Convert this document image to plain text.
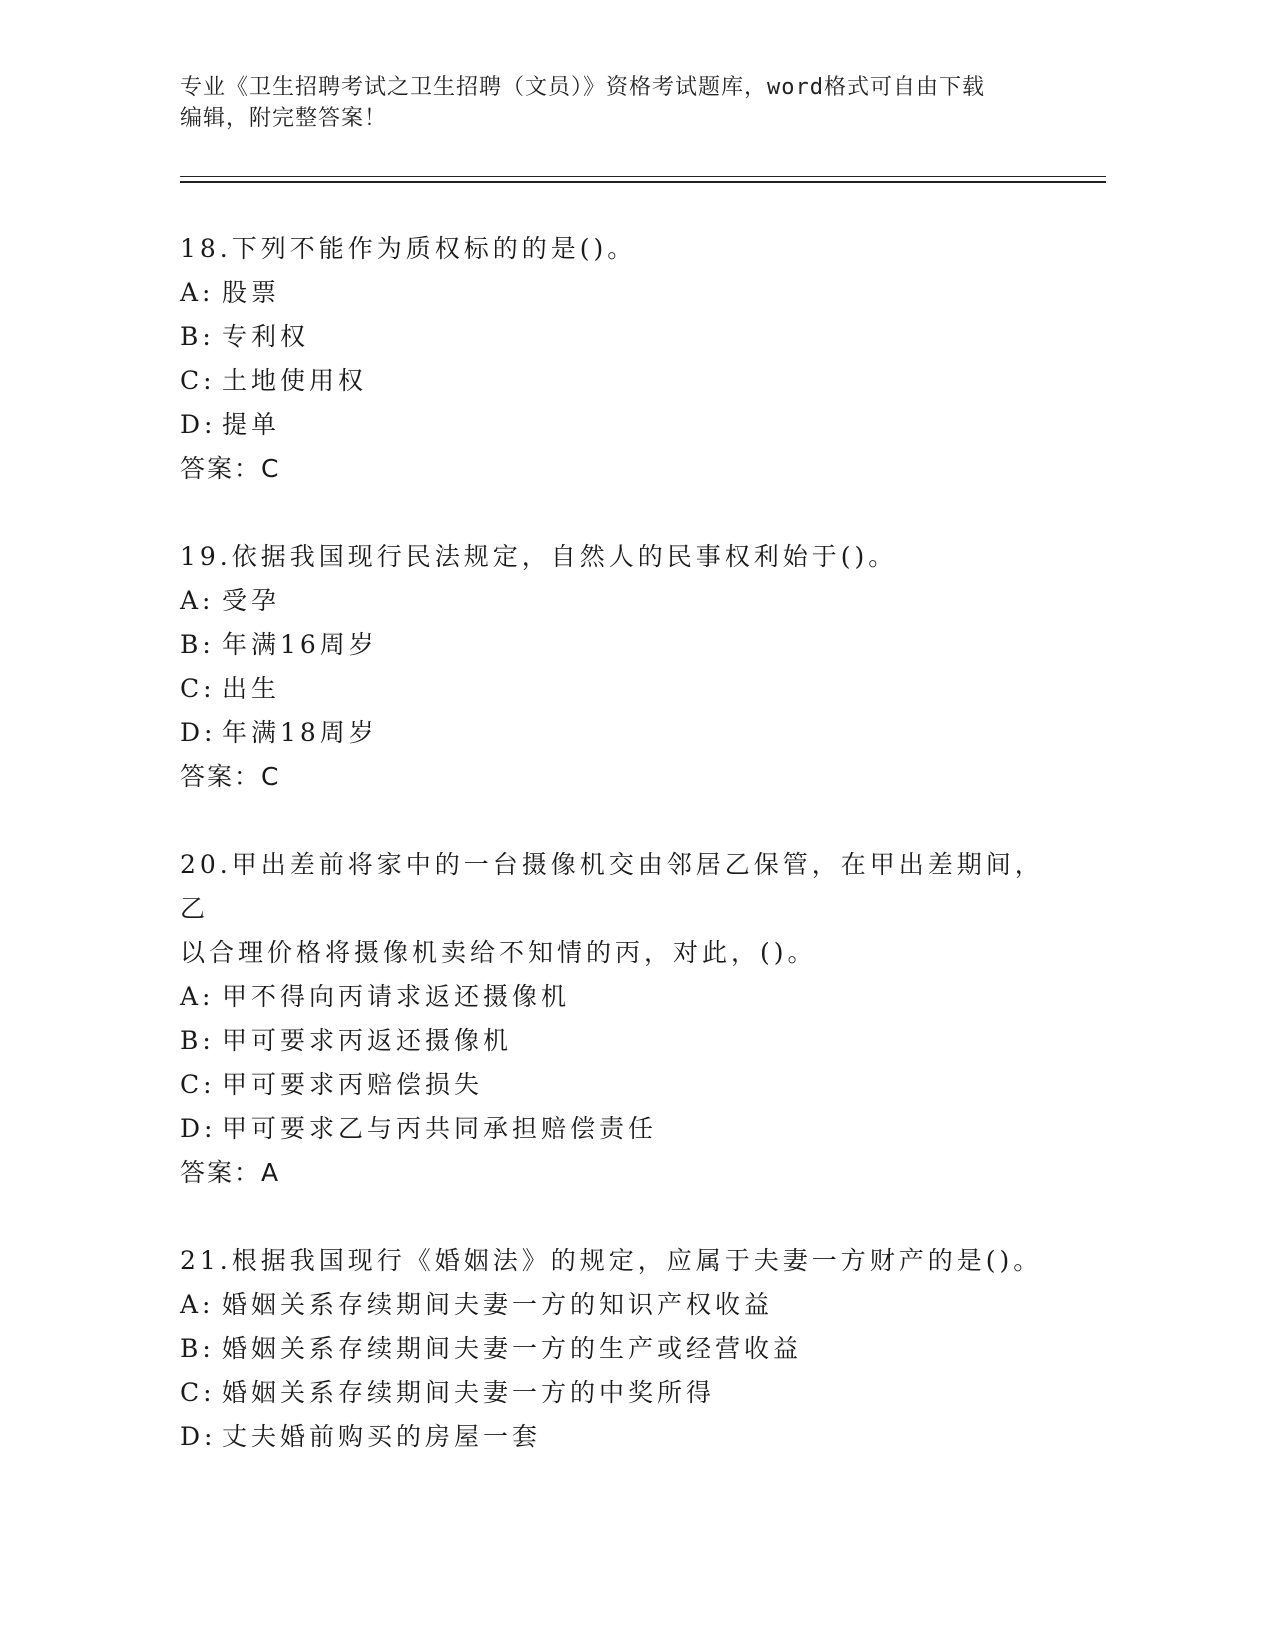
专业《卫生招聘考试之卫生招聘（文员）》资格考试题库，word格式可自由下载
编辑，附完整答案！
18.下列不能作为质权标的的是()。
A: 股票
B: 专利权
C: 土地使用权
D: 提单
答案：C
19.依据我国现行民法规定，自然人的民事权利始于()。
A: 受孕
B: 年满16周岁
C: 出生
D: 年满18周岁
答案：C
20.甲出差前将家中的一台摄像机交由邻居乙保管，在甲出差期间，乙
以合理价格将摄像机卖给不知情的丙，对此，()。
A: 甲不得向丙请求返还摄像机
B: 甲可要求丙返还摄像机
C: 甲可要求丙赔偿损失
D: 甲可要求乙与丙共同承担赔偿责任
答案：A
21.根据我国现行《婚姻法》的规定，应属于夫妻一方财产的是()。
A: 婚姻关系存续期间夫妻一方的知识产权收益
B: 婚姻关系存续期间夫妻一方的生产或经营收益
C: 婚姻关系存续期间夫妻一方的中奖所得
D: 丈夫婚前购买的房屋一套
